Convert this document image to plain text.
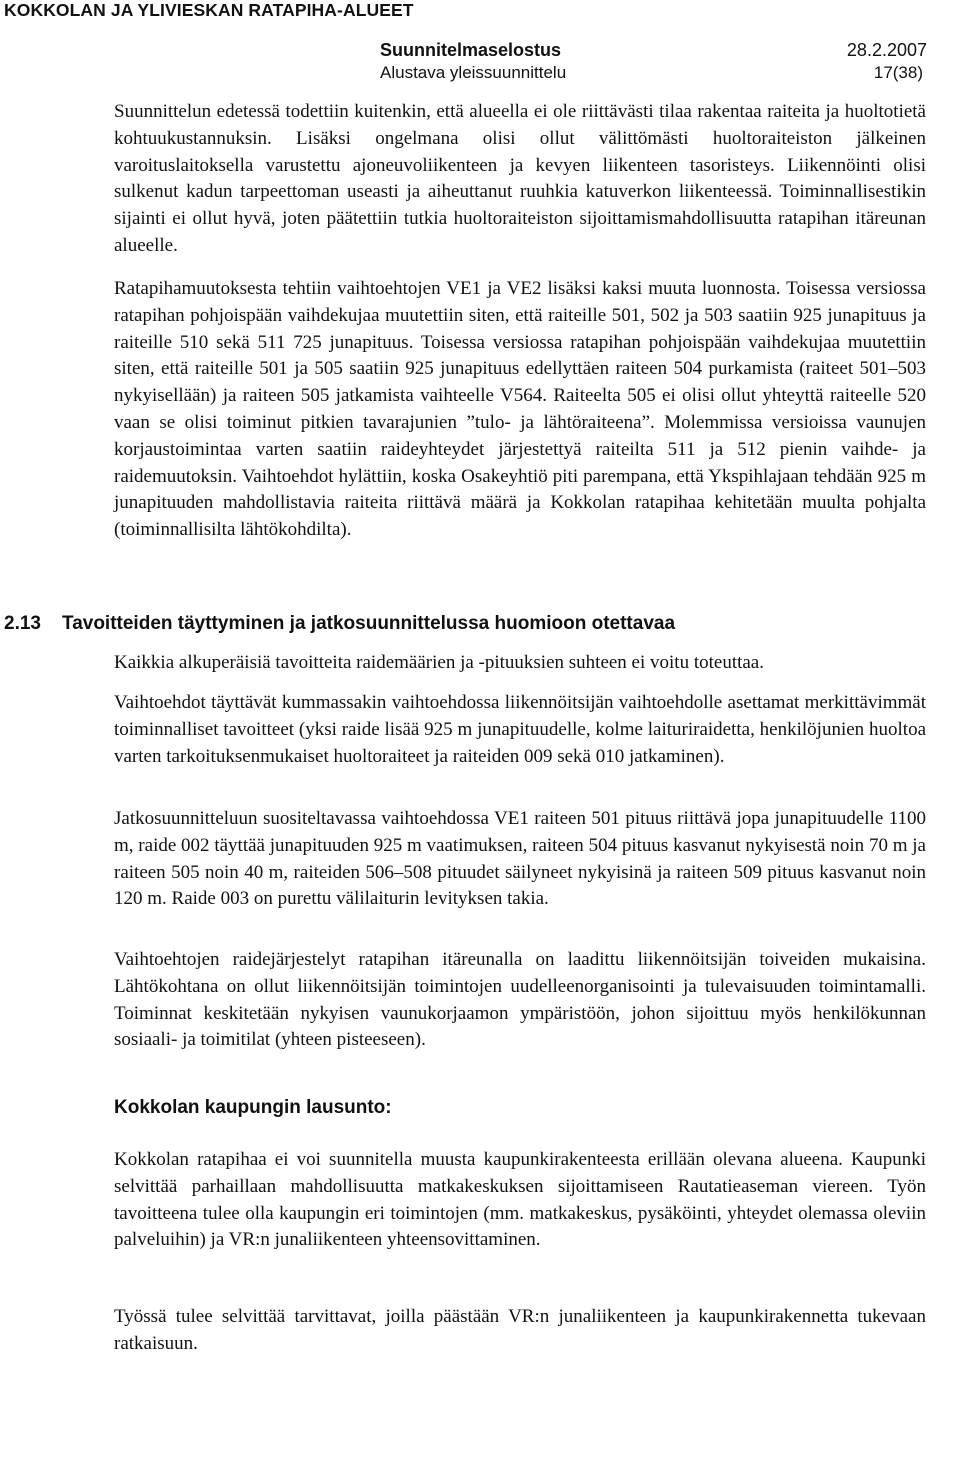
KOKKOLAN JA YLIVIESKAN RATAPIHA-ALUEET
Suunnitelmaselostus	28.2.2007
Alustava yleissuunnittelu	17(38)

Suunnittelun edetessä todettiin kuitenkin, että alueella ei ole riittävästi tilaa rakentaa raiteita ja huoltotietä kohtuukustannuksin. Lisäksi ongelmana olisi ollut välittömästi huoltoraiteiston jälkeinen varoituslaitoksella varustettu ajoneuvoliikenteen ja kevyen liikenteen tasoristeys. Liikennöinti olisi sulkenut kadun tarpeettoman useasti ja aiheuttanut ruuhkia katuverkon liikenteessä. Toiminnallisestikin sijainti ei ollut hyvä, joten päätettiin tutkia huoltoraiteiston sijoittamismahdollisuutta ratapihan itäreunan alueelle.

Ratapihamuutoksesta tehtiin vaihtoehtojen VE1 ja VE2 lisäksi kaksi muuta luonnosta. Toisessa versiossa ratapihan pohjoispään vaihdekujaa muutettiin siten, että raiteille 501, 502 ja 503 saatiin 925 junapituus ja raiteille 510 sekä 511 725 junapituus. Toisessa versiossa ratapihan pohjoispään vaihdekujaa muutettiin siten, että raiteille 501 ja 505 saatiin 925 junapituus edellyttäen raiteen 504 purkamista (raiteet 501–503 nykyisellään) ja raiteen 505 jatkamista vaihteelle V564. Raiteelta 505 ei olisi ollut yhteyttä raiteelle 520 vaan se olisi toiminut pitkien tavarajunien ”tulo- ja lähtöraiteena”. Molemmissa versioissa vaunujen korjaustoimintaa varten saatiin raideyhteydet järjestettyä raiteilta 511 ja 512 pienin vaihde- ja raidemuutoksin. Vaihtoehdot hylättiin, koska Osakeyhtiö piti parempana, että Ykspihlajaan tehdään 925 m junapituuden mahdollistavia raiteita riittävä määrä ja Kokkolan ratapihaa kehitetään muulta pohjalta (toiminnallisilta lähtökohdilta).

2.13 Tavoitteiden täyttyminen ja jatkosuunnittelussa huomioon otettavaa

Kaikkia alkuperäisiä tavoitteita raidemäärien ja -pituuksien suhteen ei voitu toteuttaa.

Vaihtoehdot täyttävät kummassakin vaihtoehdossa liikennöitsijän vaihtoehdolle asettamat merkittävimmät toiminnalliset tavoitteet (yksi raide lisää 925 m junapituudelle, kolme laituriraidetta, henkilöjunien huoltoa varten tarkoituksenmukaiset huoltoraiteet ja raiteiden 009 sekä 010 jatkaminen).

Jatkosuunnitteluun suositeltavassa vaihtoehdossa VE1 raiteen 501 pituus riittävä jopa junapituudelle 1100 m, raide 002 täyttää junapituuden 925 m vaatimuksen, raiteen 504 pituus kasvanut nykyisestä noin 70 m ja raiteen 505 noin 40 m, raiteiden 506–508 pituudet säilyneet nykyisinä ja raiteen 509 pituus kasvanut noin 120 m. Raide 003 on purettu välilaiturin levityksen takia.

Vaihtoehtojen raidejärjestelyt ratapihan itäreunalla on laadittu liikennöitsijän toiveiden mukaisina. Lähtökohtana on ollut liikennöitsijän toimintojen uudelleenorganisointi ja tulevaisuuden toimintamalli. Toiminnat keskitetään nykyisen vaunukorjaamon ympäristöön, johon sijoittuu myös henkilökunnan sosiaali- ja toimitilat (yhteen pisteeseen).

Kokkolan kaupungin lausunto:

Kokkolan ratapihaa ei voi suunnitella muusta kaupunkirakenteesta erillään olevana alueena. Kaupunki selvittää parhaillaan mahdollisuutta matkakeskuksen sijoittamiseen Rautatieaseman viereen. Työn tavoitteena tulee olla kaupungin eri toimintojen (mm. matkakeskus, pysäköinti, yhteydet olemassa oleviin palveluihin) ja VR:n junaliikenteen yhteensovittaminen.

Työssä tulee selvittää tarvittavat, joilla päästään VR:n junaliikenteen ja kaupunkirakennetta tukevaan ratkaisuun.
